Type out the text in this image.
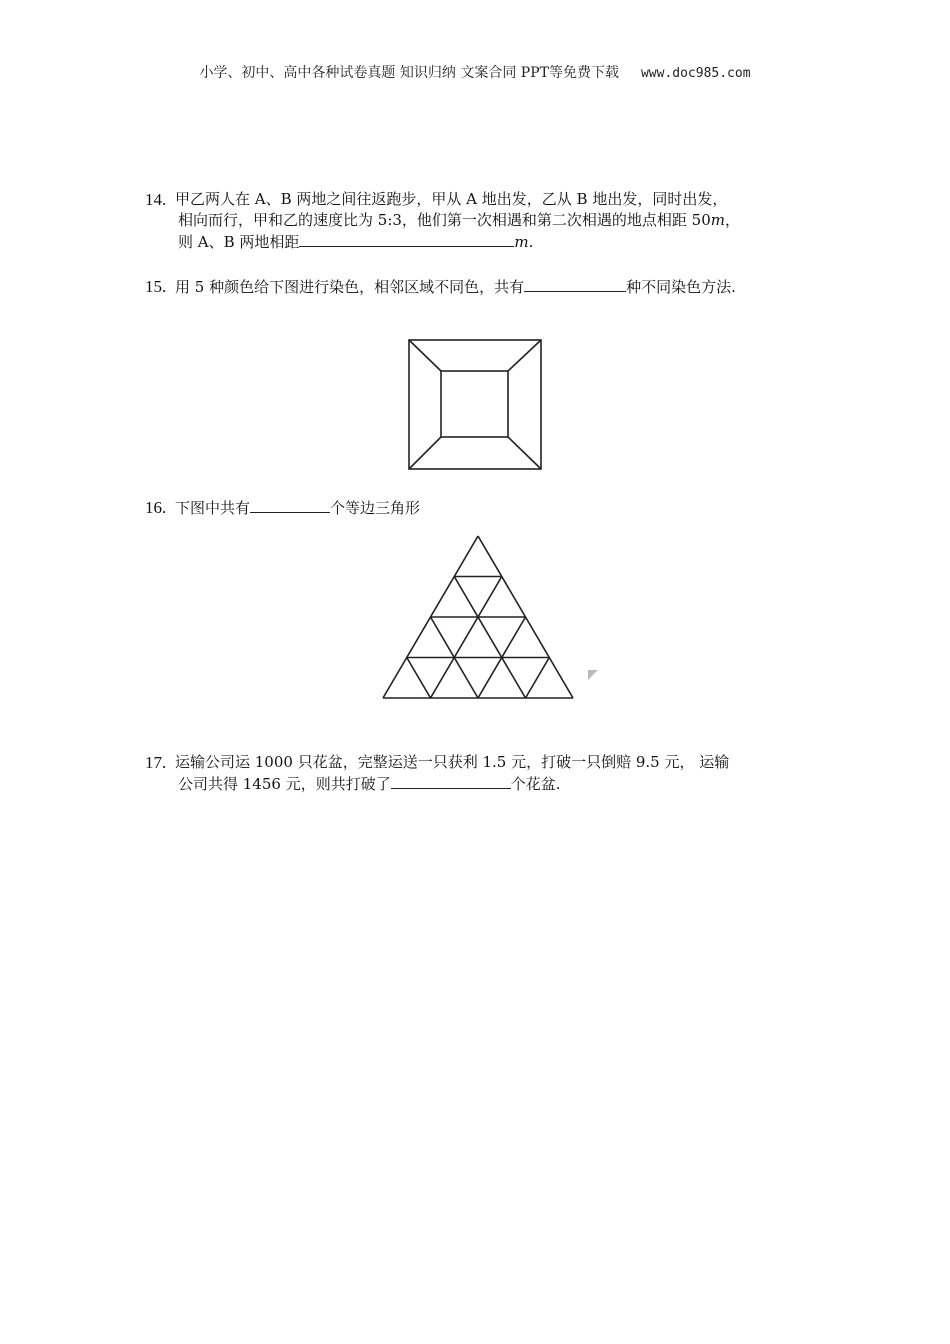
小学、初中、高中各种试卷真题 知识归纳 文案合同 PPT等免费下载 www.doc985.com
14. 甲乙两人在 A、B 两地之间往返跑步，甲从 A 地出发，乙从 B 地出发，同时出发，
相向而行，甲和乙的速度比为 5:3，他们第一次相遇和第二次相遇的地点相距 50m，
则 A、B 两地相距	m.
15. 用 5 种颜色给下图进行染色，相邻区域不同色，共有	种不同染色方法.
16. 下图中共有	个等边三角形
17. 运输公司运 1000 只花盆，完整运送一只获利 1.5 元，打破一只倒赔 9.5 元， 运输
公司共得 1456 元，则共打破了	个花盆.
